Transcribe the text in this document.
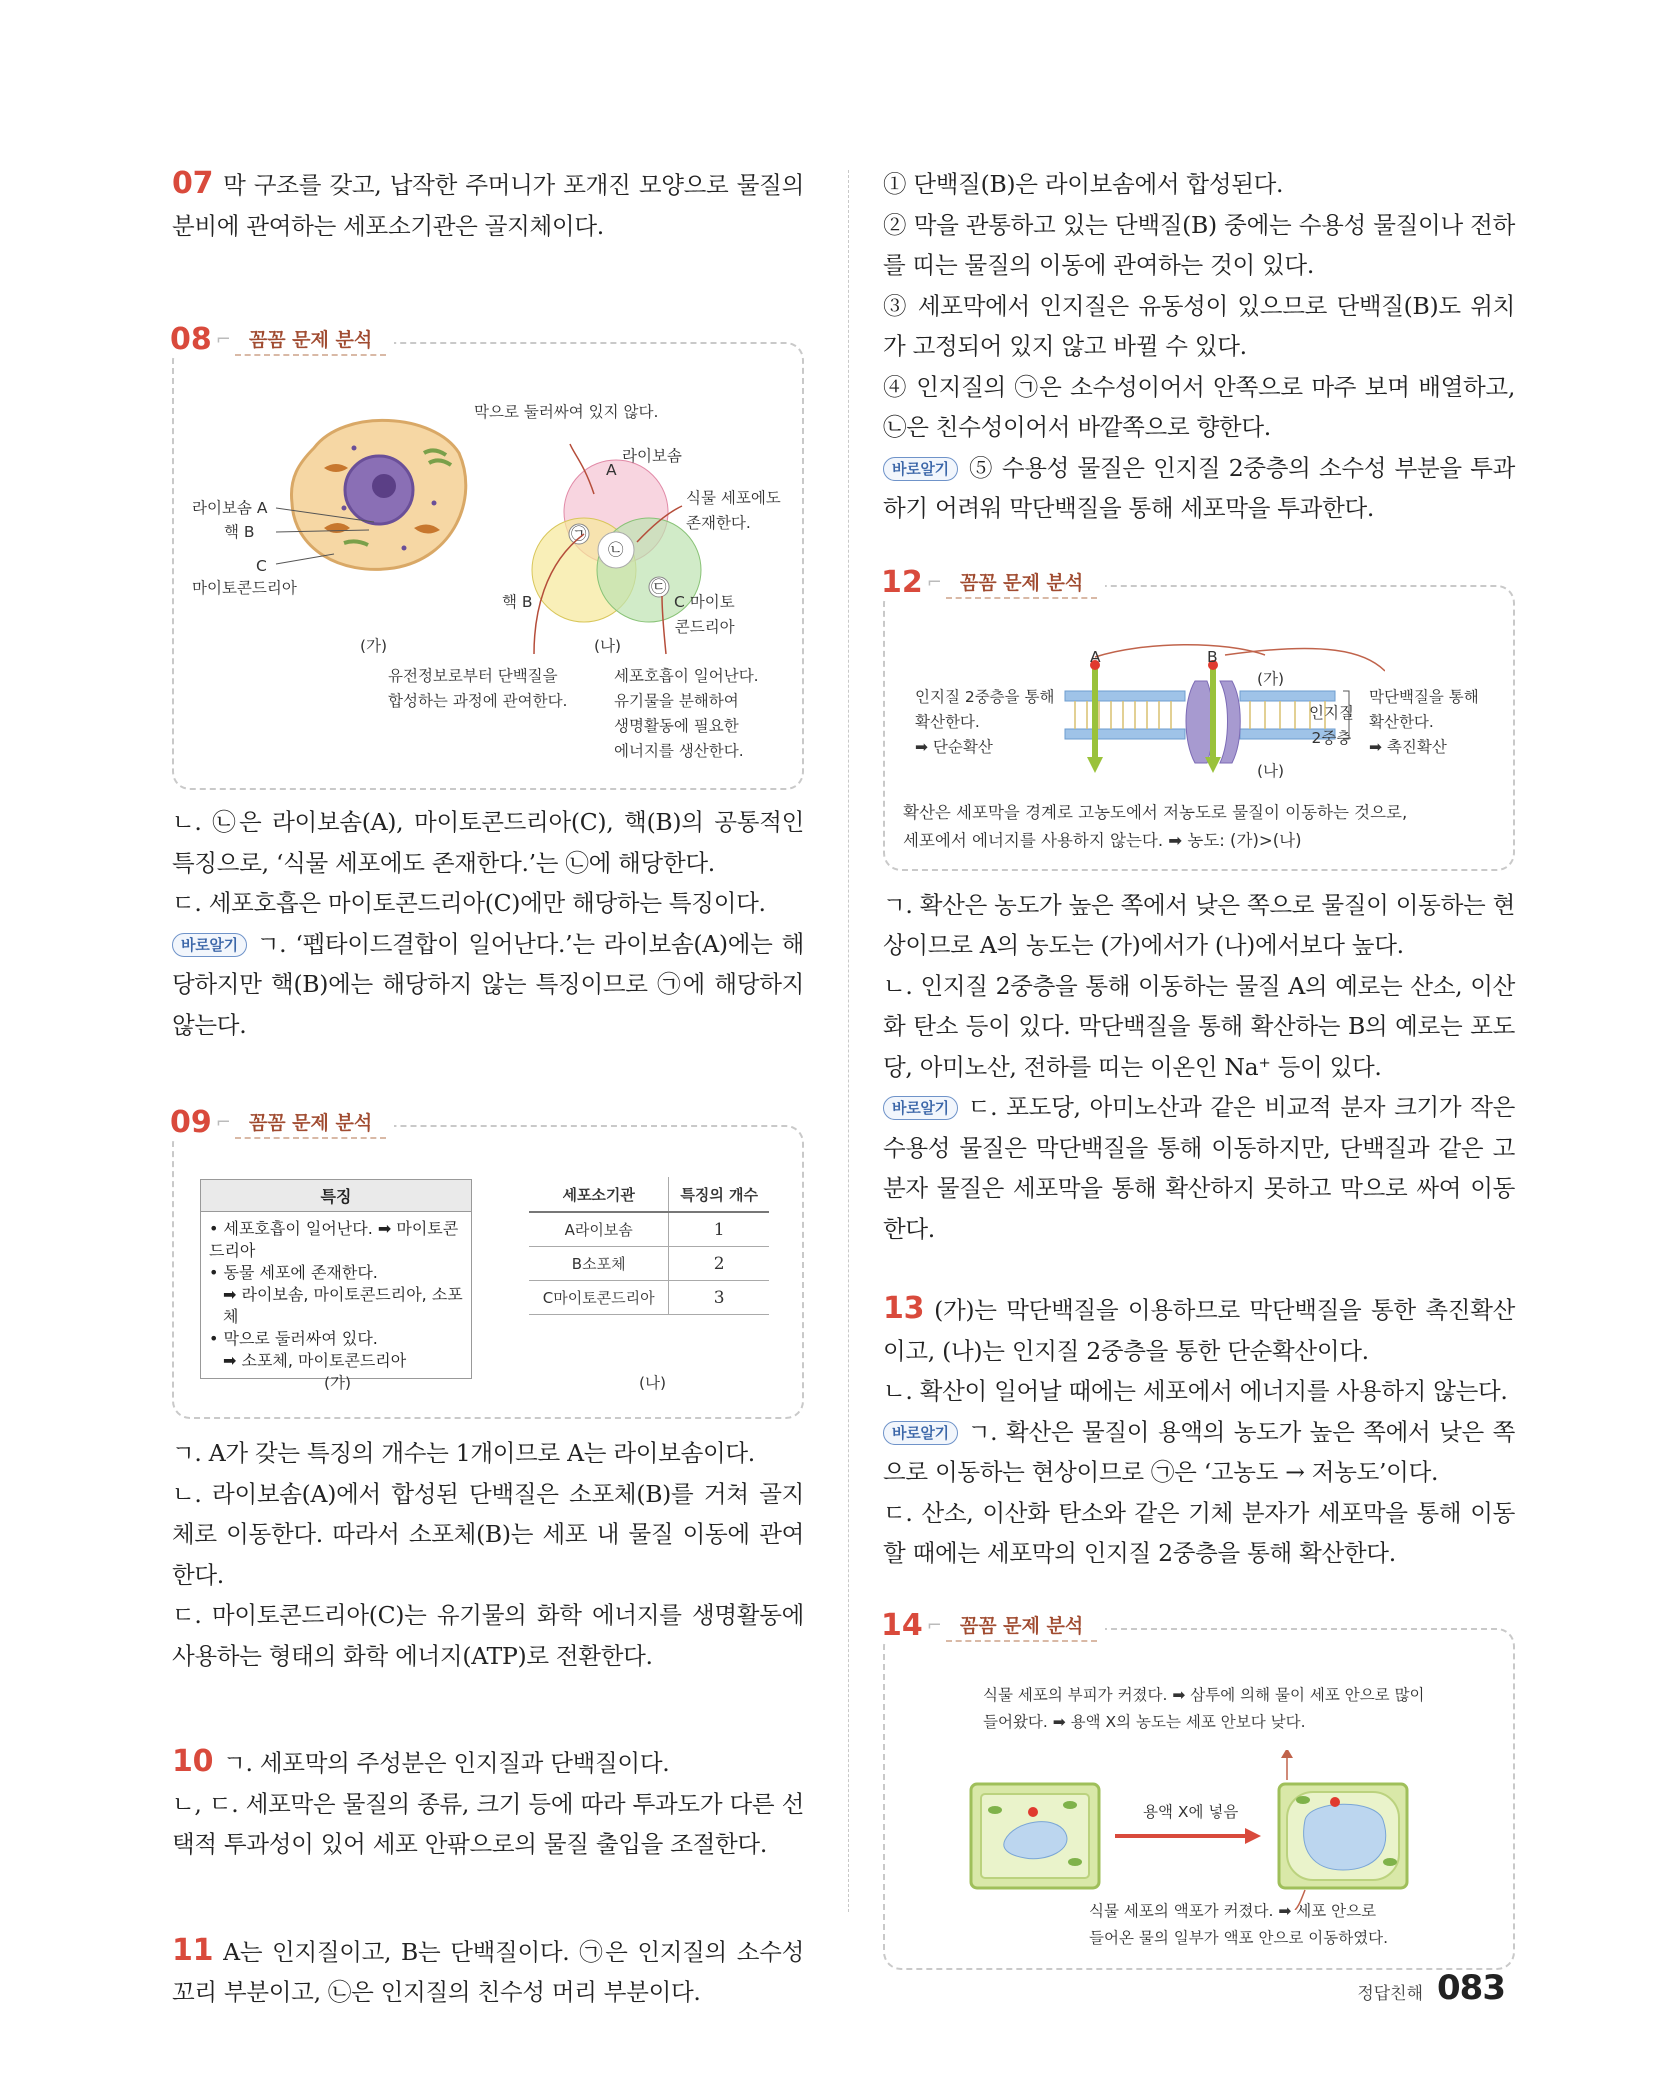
07 막 구조를 갖고, 납작한 주머니가 포개진 모양으로 물질의 분비에 관여하는 세포소기관은 골지체이다.

08 ⌐ 꼼꼼 문제 분석
라이보솜 A
핵 B
C
마이토콘드리아
(가)
㉠
㉡
㉢
막으로 둘러싸여 있지 않다.
라이보솜
A
식물 세포에도
존재한다.
핵 B	C 마이토
콘드리아
(나)
유전정보로부터 단백질을
합성하는 과정에 관여한다.
세포호흡이 일어난다.
유기물을 분해하여
생명활동에 필요한
에너지를 생산한다.

ㄴ. ㉡은 라이보솜(A), 마이토콘드리아(C), 핵(B)의 공통적인 특징으로, ‘식물 세포에도 존재한다.’는 ㉡에 해당한다.

ㄷ. 세포호흡은 마이토콘드리아(C)에만 해당하는 특징이다.

바로알기 ㄱ. ‘펩타이드결합이 일어난다.’는 라이보솜(A)에는 해당하지만 핵(B)에는 해당하지 않는 특징이므로 ㉠에 해당하지 않는다.

09 ⌐ 꼼꼼 문제 분석
특징
• 세포호흡이 일어난다. ➡ 마이토콘드리아
• 동물 세포에 존재한다.
➡ 라이보솜, 마이토콘드리아, 소포체
• 막으로 둘러싸여 있다.
➡ 소포체, 마이토콘드리아
(가)
세포소기관	특징의 개수
A라이보솜	1
B소포체	2
C마이토콘드리아	3
(나)

ㄱ. A가 갖는 특징의 개수는 1개이므로 A는 라이보솜이다.

ㄴ. 라이보솜(A)에서 합성된 단백질은 소포체(B)를 거쳐 골지체로 이동한다. 따라서 소포체(B)는 세포 내 물질 이동에 관여한다.

ㄷ. 마이토콘드리아(C)는 유기물의 화학 에너지를 생명활동에 사용하는 형태의 화학 에너지(ATP)로 전환한다.

10 ㄱ. 세포막의 주성분은 인지질과 단백질이다.

ㄴ, ㄷ. 세포막은 물질의 종류, 크기 등에 따라 투과도가 다른 선택적 투과성이 있어 세포 안팎으로의 물질 출입을 조절한다.

11 A는 인지질이고, B는 단백질이다. ㉠은 인지질의 소수성 꼬리 부분이고, ㉡은 인지질의 친수성 머리 부분이다.

① 단백질(B)은 라이보솜에서 합성된다.

② 막을 관통하고 있는 단백질(B) 중에는 수용성 물질이나 전하를 띠는 물질의 이동에 관여하는 것이 있다.

③ 세포막에서 인지질은 유동성이 있으므로 단백질(B)도 위치가 고정되어 있지 않고 바뀔 수 있다.

④ 인지질의 ㉠은 소수성이어서 안쪽으로 마주 보며 배열하고, ㉡은 친수성이어서 바깥쪽으로 향한다.

바로알기 ⑤ 수용성 물질은 인지질 2중층의 소수성 부분을 투과하기 어려워 막단백질을 통해 세포막을 투과한다.

12 ⌐ 꼼꼼 문제 분석
인지질 2중층을 통해
확산한다.
➡ 단순확산
막단백질을 통해
확산한다.
➡ 촉진확산
A	B
(가)
(나)
인지질
2중층
확산은 세포막을 경계로 고농도에서 저농도로 물질이 이동하는 것으로,
세포에서 에너지를 사용하지 않는다. ➡ 농도: (가)>(나)

ㄱ. 확산은 농도가 높은 쪽에서 낮은 쪽으로 물질이 이동하는 현상이므로 A의 농도는 (가)에서가 (나)에서보다 높다.

ㄴ. 인지질 2중층을 통해 이동하는 물질 A의 예로는 산소, 이산화 탄소 등이 있다. 막단백질을 통해 확산하는 B의 예로는 포도당, 아미노산, 전하를 띠는 이온인 Na⁺ 등이 있다.

바로알기 ㄷ. 포도당, 아미노산과 같은 비교적 분자 크기가 작은 수용성 물질은 막단백질을 통해 이동하지만, 단백질과 같은 고분자 물질은 세포막을 통해 확산하지 못하고 막으로 싸여 이동한다.

13 (가)는 막단백질을 이용하므로 막단백질을 통한 촉진확산이고, (나)는 인지질 2중층을 통한 단순확산이다.

ㄴ. 확산이 일어날 때에는 세포에서 에너지를 사용하지 않는다.

바로알기 ㄱ. 확산은 물질이 용액의 농도가 높은 쪽에서 낮은 쪽으로 이동하는 현상이므로 ㉠은 ‘고농도 → 저농도’이다.

ㄷ. 산소, 이산화 탄소와 같은 기체 분자가 세포막을 통해 이동할 때에는 세포막의 인지질 2중층을 통해 확산한다.

14 ⌐ 꼼꼼 문제 분석
식물 세포의 부피가 커졌다. ➡ 삼투에 의해 물이 세포 안으로 많이
들어왔다. ➡ 용액 X의 농도는 세포 안보다 낮다.
용액 X에 넣음
식물 세포의 액포가 커졌다. ➡ 세포 안으로
들어온 물의 일부가 액포 안으로 이동하였다.
정답친해 083
